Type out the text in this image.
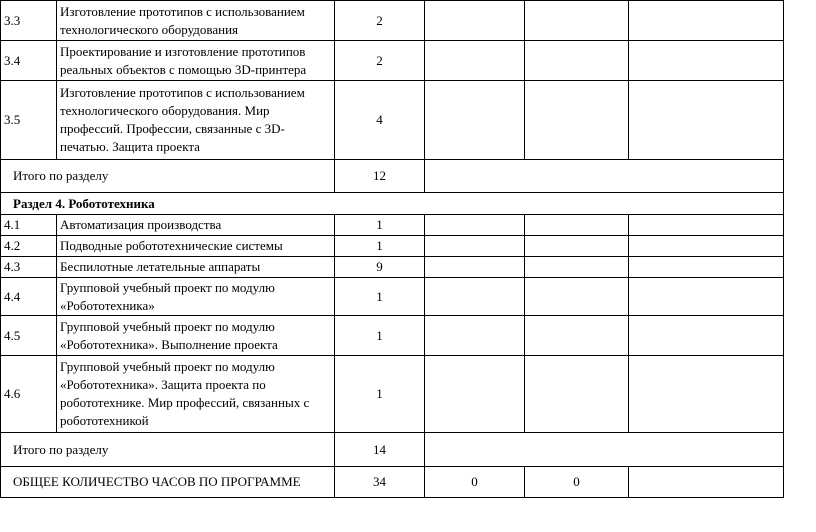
3.3	Изготовление прототипов с использованием технологического оборудования	2			
3.4	Проектирование и изготовление прототипов реальных объектов с помощью 3D-принтера	2			
3.5	Изготовление прототипов с использованием технологического оборудования. Мир профессий. Профессии, связанные с 3D-печатью. Защита проекта	4			
Итого по разделу		12			
Раздел 4. Робототехника					
4.1	Автоматизация производства	1			
4.2	Подводные робототехнические системы	1			
4.3	Беспилотные летательные аппараты	9			
4.4	Групповой учебный проект по модулю «Робототехника»	1			
4.5	Групповой учебный проект по модулю «Робототехника». Выполнение проекта	1			
4.6	Групповой учебный проект по модулю «Робототехника». Защита проекта по робототехнике. Мир профессий, связанных с робототехникой	1			
Итого по разделу		14			
ОБЩЕЕ КОЛИЧЕСТВО ЧАСОВ ПО ПРОГРАММЕ		34	0	0	
